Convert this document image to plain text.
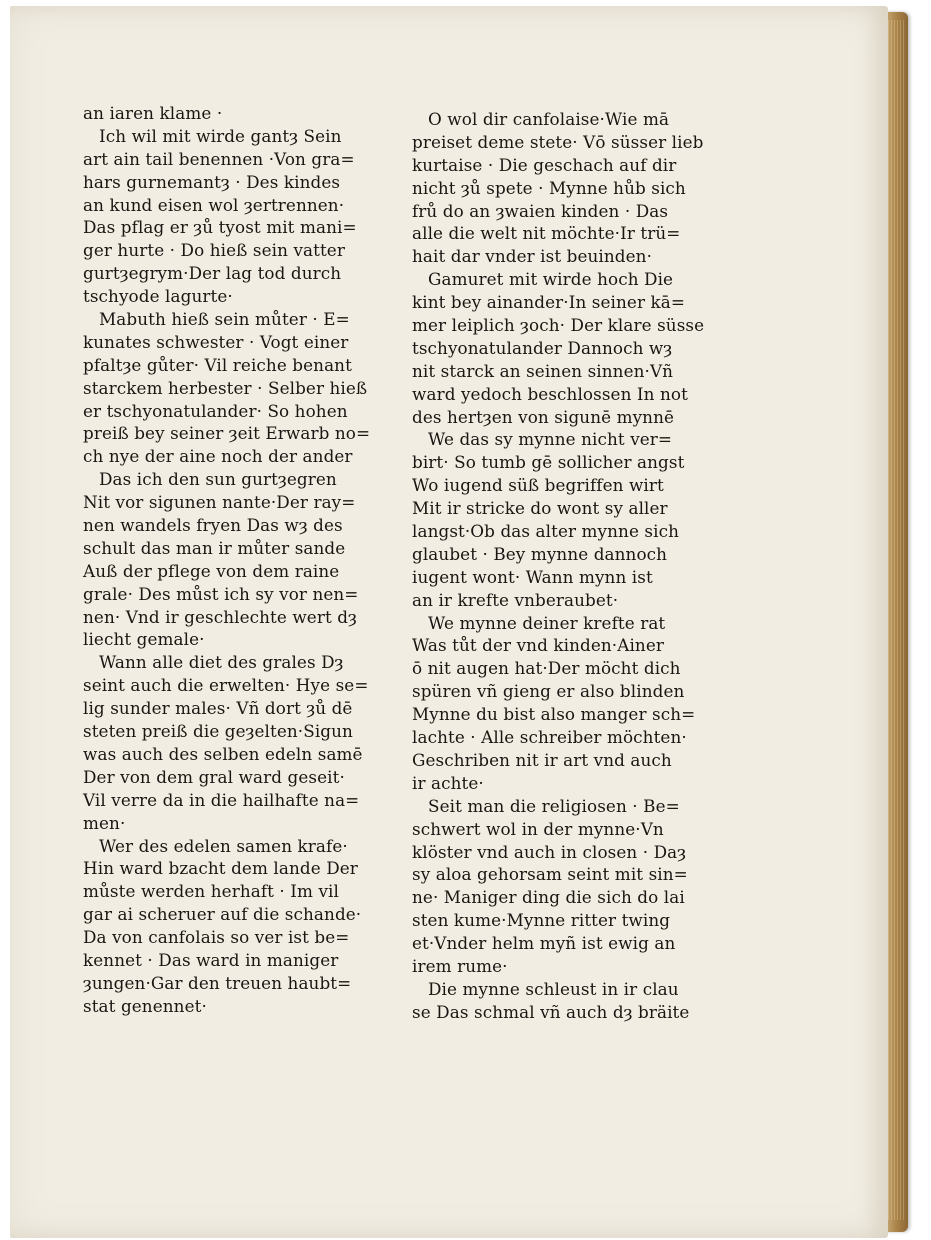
an iaren klame ·
Ich wil mit wirde gantȝ Sein
art ain tail benennen ·Von gra=
hars gurnemantȝ · Des kindes
an kund eisen wol ȝertrennen·
Das pflag er ȝů tyost mit mani=
ger hurte · Do hieß sein vatter
gurtȝegrym·Der lag tod durch
tschyode lagurte·
Mabuth hieß sein můter · E=
kunates schwester · Vogt einer
pfaltȝe gůter· Vil reiche benant
starckem herbester · Selber hieß
er tschyonatulander· So hohen
preiß bey seiner ȝeit Erwarb no=
ch nye der aine noch der ander
Das ich den sun gurtȝegren
Nit vor sigunen nante·Der ray=
nen wandels fryen Das wȝ des
schult das man ir můter sande
Auß der pflege von dem raine
grale· Des můst ich sy vor nen=
nen· Vnd ir geschlechte wert dȝ
liecht gemale·
Wann alle diet des grales Dȝ
seint auch die erwelten· Hye se=
lig sunder males· Vñ dort ȝů dē
steten preiß die geȝelten·Sigun
was auch des selben edeln samē
Der von dem gral ward geseit·
Vil verre da in die hailhafte na=
men·
Wer des edelen samen krafe·
Hin ward bzacht dem lande Der
můste werden herhaft · Im vil
gar ai scheruer auf die schande·
Da von canfolais so ver ist be=
kennet · Das ward in maniger
ȝungen·Gar den treuen haubt=
stat genennet·
O wol dir canfolaise·Wie mā
preiset deme stete· Vō süsser lieb
kurtaise · Die geschach auf dir
nicht ȝů spete · Mynne hůb sich
frů do an ȝwaien kinden · Das
alle die welt nit möchte·Ir trü=
hait dar vnder ist beuinden·
Gamuret mit wirde hoch Die
kint bey ainander·In seiner kā=
mer leiplich ȝoch· Der klare süsse
tschyonatulander Dannoch wȝ
nit starck an seinen sinnen·Vñ
ward yedoch beschlossen In not
des hertȝen von sigunē mynnē
We das sy mynne nicht ver=
birt· So tumb gē sollicher angst
Wo iugend süß begriffen wirt
Mit ir stricke do wont sy aller
langst·Ob das alter mynne sich
glaubet · Bey mynne dannoch
iugent wont· Wann mynn ist
an ir krefte vnberaubet·
We mynne deiner krefte rat
Was tůt der vnd kinden·Ainer
ō nit augen hat·Der möcht dich
spüren vñ gieng er also blinden
Mynne du bist also manger sch=
lachte · Alle schreiber möchten·
Geschriben nit ir art vnd auch
ir achte·
Seit man die religiosen · Be=
schwert wol in der mynne·Vn
klöster vnd auch in closen · Daȝ
sy aloa gehorsam seint mit sin=
ne· Maniger ding die sich do lai
sten kume·Mynne ritter twing
et·Vnder helm myñ ist ewig an
irem rume·
Die mynne schleust in ir clau
se Das schmal vñ auch dȝ bräite
